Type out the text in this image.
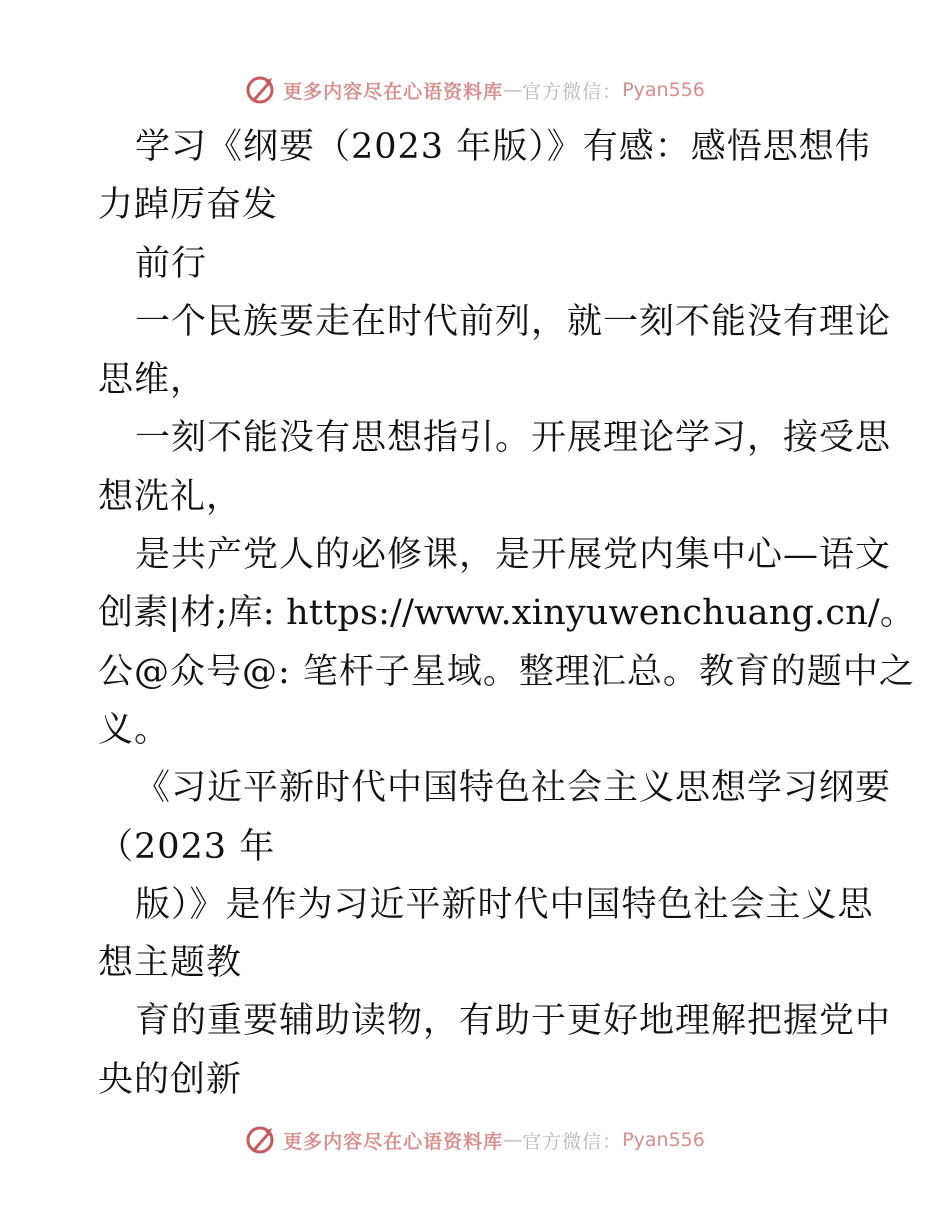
更多内容尽在心语资料库 — 官方微信： Pyan556
学习《纲要（2023 年版）》有感：感悟思想伟
力踔厉奋发
前行
一个民族要走在时代前列，就一刻不能没有理论
思维，
一刻不能没有思想指引。开展理论学习，接受思
想洗礼，
是共产党人的必修课，是开展党内集中心—语文
创素|材;库: https://www.xinyuwenchuang.cn/。
公@众号@: 笔杆子星域。整理汇总。教育的题中之
义。
《习近平新时代中国特色社会主义思想学习纲要
（2023 年
版）》是作为习近平新时代中国特色社会主义思
想主题教
育的重要辅助读物，有助于更好地理解把握党中
央的创新
更多内容尽在心语资料库 — 官方微信： Pyan556
